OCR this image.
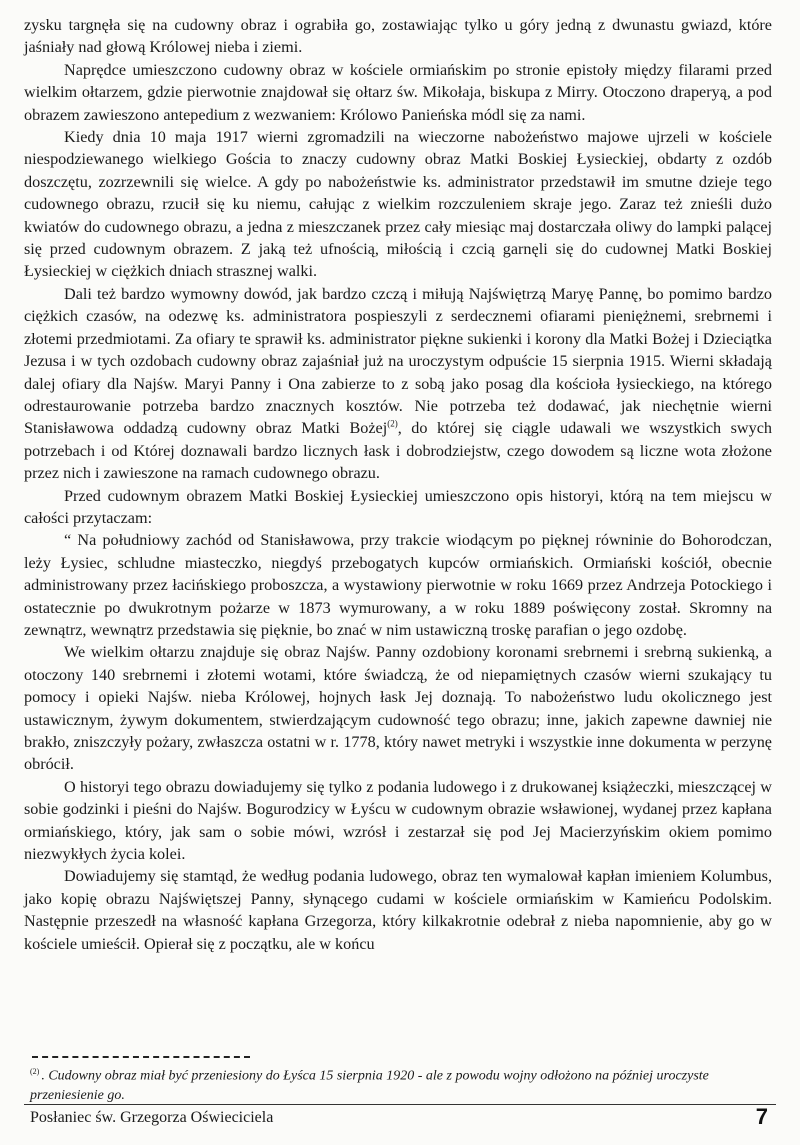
zysku targnęła się na cudowny obraz i ograbiła go, zostawiając tylko u góry jedną z dwunastu gwiazd, które jaśniały nad głową Królowej nieba i ziemi.

Naprędce umieszczono cudowny obraz w kościele ormiańskim po stronie epistoły między filarami przed wielkim ołtarzem, gdzie pierwotnie znajdował się ołtarz św. Mikołaja, biskupa z Mirry. Otoczono draperyą, a pod obrazem zawieszono antepedium z wezwaniem: Królowo Panieńska módl się za nami.

Kiedy dnia 10 maja 1917 wierni zgromadzili na wieczorne nabożeństwo majowe ujrzeli w kościele niespodziewanego wielkiego Gościa to znaczy cudowny obraz Matki Boskiej Łysieckiej, obdarty z ozdób doszczętu, zozrzewnili się wielce. A gdy po nabożeństwie ks. administrator przedstawił im smutne dzieje tego cudownego obrazu, rzucił się ku niemu, całując z wielkim rozczuleniem skraje jego. Zaraz też znieśli dużo kwiatów do cudownego obrazu, a jedna z mieszczanek przez cały miesiąc maj dostarczała oliwy do lampki palącej się przed cudownym obrazem. Z jaką też ufnością, miłością i czcią garnęli się do cudownej Matki Boskiej Łysieckiej w ciężkich dniach strasznej walki.

Dali też bardzo wymowny dowód, jak bardzo czczą i miłują Najświętrzą Maryę Pannę, bo pomimo bardzo ciężkich czasów, na odezwę ks. administratora pospieszyli z serdecznemi ofiarami pieniężnemi, srebrnemi i złotemi przedmiotami. Za ofiary te sprawił ks. administrator piękne sukienki i korony dla Matki Bożej i Dzieciątka Jezusa i w tych ozdobach cudowny obraz zajaśniał już na uroczystym odpuście 15 sierpnia 1915. Wierni składają dalej ofiary dla Najśw. Maryi Panny i Ona zabierze to z sobą jako posag dla kościoła łysieckiego, na którego odrestaurowanie potrzeba bardzo znacznych kosztów. Nie potrzeba też dodawać, jak niechętnie wierni Stanisławowa oddadzą cudowny obraz Matki Bożej$^{(2)}$, do której się ciągle udawali we wszystkich swych potrzebach i od Której doznawali bardzo licznych łask i dobrodziejstw, czego dowodem są liczne wota złożone przez nich i zawieszone na ramach cudownego obrazu.

Przed cudownym obrazem Matki Boskiej Łysieckiej umieszczono opis historyi, którą na tem miejscu w całości przytaczam:

“ Na południowy zachód od Stanisławowa, przy trakcie wiodącym po pięknej równinie do Bohorodczan, leży Łysiec, schludne miasteczko, niegdyś przebogatych kupców ormiańskich. Ormiański kościół, obecnie administrowany przez łacińskiego proboszcza, a wystawiony pierwotnie w roku 1669 przez Andrzeja Potockiego i ostatecznie po dwukrotnym pożarze w 1873 wymurowany, a w roku 1889 poświęcony został. Skromny na zewnątrz, wewnątrz przedstawia się pięknie, bo znać w nim ustawiczną troskę parafian o jego ozdobę.

We wielkim ołtarzu znajduje się obraz Najśw. Panny ozdobiony koronami srebrnemi i srebrną sukienką, a otoczony 140 srebrnemi i złotemi wotami, które świadczą, że od niepamiętnych czasów wierni szukający tu pomocy i opieki Najśw. nieba Królowej, hojnych łask Jej doznają. To nabożeństwo ludu okolicznego jest ustawicznym, żywym dokumentem, stwierdzającym cudowność tego obrazu; inne, jakich zapewne dawniej nie brakło, zniszczyły pożary, zwłaszcza ostatni w r. 1778, który nawet metryki i wszystkie inne dokumenta w perzynę obrócił.

O historyi tego obrazu dowiadujemy się tylko z podania ludowego i z drukowanej książeczki, mieszczącej w sobie godzinki i pieśni do Najśw. Bogurodzicy w Łyścu w cudownym obrazie wsławionej, wydanej przez kapłana ormiańskiego, który, jak sam o sobie mówi, wzrósł i zestarzał się pod Jej Macierzyńskim okiem pomimo niezwykłych życia kolei.

Dowiadujemy się stamtąd, że według podania ludowego, obraz ten wymalował kapłan imieniem Kolumbus, jako kopię obrazu Najświętszej Panny, słynącego cudami w kościele ormiańskim w Kamieńcu Podolskim. Następnie przeszedł na własność kapłana Grzegorza, który kilkakrotnie odebrał z nieba napomnienie, aby go w kościele umieścił. Opierał się z początku, ale w końcu

$^{(2)}$ . Cudowny obraz miał być przeniesiony do Łyśca 15 sierpnia 1920 - ale z powodu wojny odłożono na później uroczyste przeniesienie go.
Posłaniec św. Grzegorza Oświeciciela	7
